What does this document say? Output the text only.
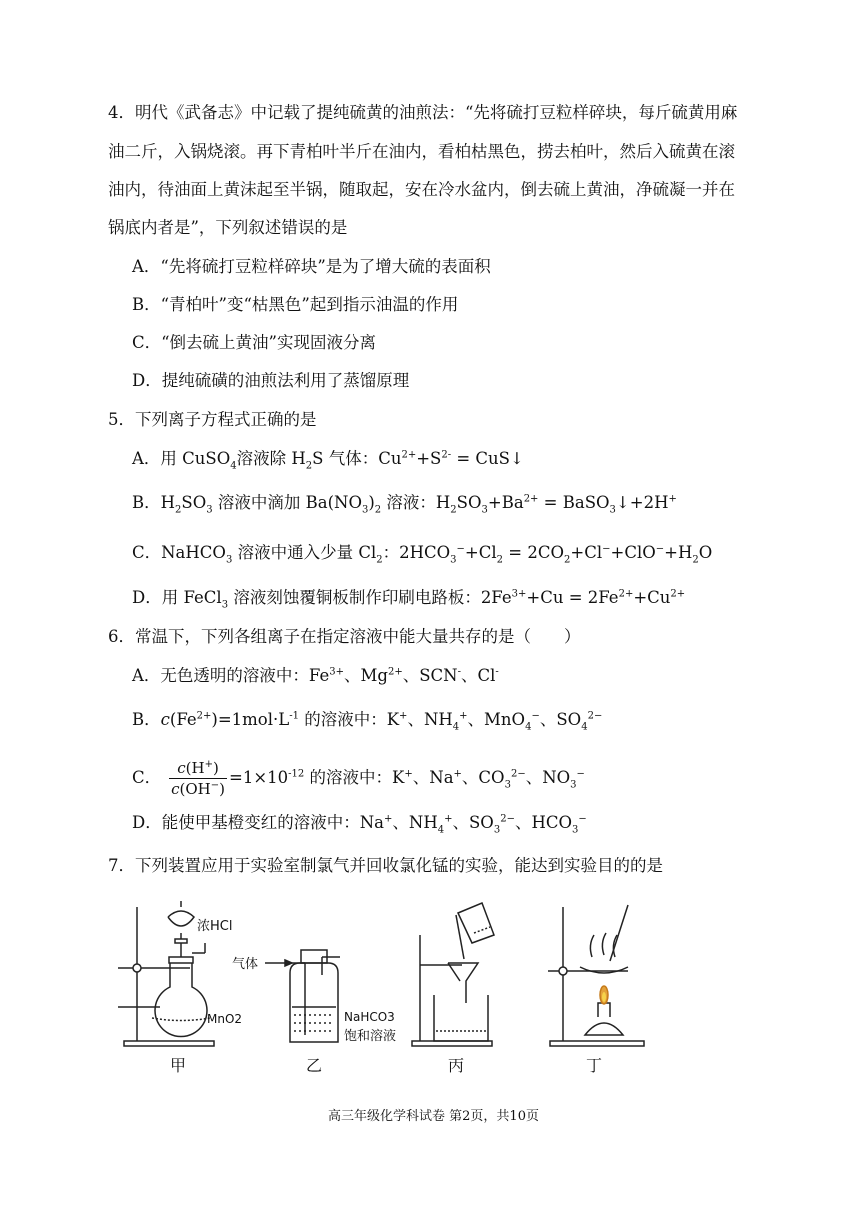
4．明代《武备志》中记载了提纯硫黄的油煎法：“先将硫打豆粒样碎块，每斤硫黄用麻
油二斤，入锅烧滚。再下青柏叶半斤在油内，看柏枯黑色，捞去柏叶，然后入硫黄在滚
油内，待油面上黄沫起至半锅，随取起，安在冷水盆内，倒去硫上黄油，净硫凝一并在
锅底内者是”，下列叙述错误的是
A．“先将硫打豆粒样碎块”是为了增大硫的表面积
B．“青柏叶”变“枯黑色”起到指示油温的作用
C．“倒去硫上黄油”实现固液分离
D．提纯硫磺的油煎法利用了蒸馏原理
5．下列离子方程式正确的是
A．用 CuSO$_4$溶液除 $H_2S$ 气体：$Cu^{2+}+S^{2-}$ = CuS↓
B．$H_2SO_3$ 溶液中滴加 $Ba(NO_3)_2$ 溶液：$H_2SO_3+Ba^{2+}$ = BaSO$_3$↓+2H+
C．NaHCO$_3$ 溶液中通入少量 $Cl_2$：$2HCO_3^-+Cl_2 = 2CO_2+Cl^-+ClO^-+H_2O$
D．用 FeCl$_3$ 溶液刻蚀覆铜板制作印刷电路板：$2Fe^{3+}+Cu = 2Fe^{2+}+Cu^{2+}$
6．常温下，下列各组离子在指定溶液中能大量共存的是（　　）
A．无色透明的溶液中：$Fe^{3+}$、$Mg^{2+}$、SCN-、Cl-
B．$c(Fe^{2+})=1mol\cdot L^{-1}$ 的溶液中：K+、$NH_4^+$、MnO$_4$−、$SO_4^{2-}$
C． $\frac{c(H^+)}{c(OH^-)} =1\times 10^{-12}$ 的溶液中：K+、Na+、$CO_3^{2-}$、$NO_3^-$
D．能使甲基橙变红的溶液中：Na+、$NH_4^+$、$SO_3^{2-}$、$HCO_3^-$
7．下列装置应用于实验室制氯气并回收氯化锰的实验，能达到实验目的的是
浓HCl
MnO2
气体
NaHCO3
饱和溶液
甲	乙	丙	丁
高三年级化学科试卷 第2页，共10页
